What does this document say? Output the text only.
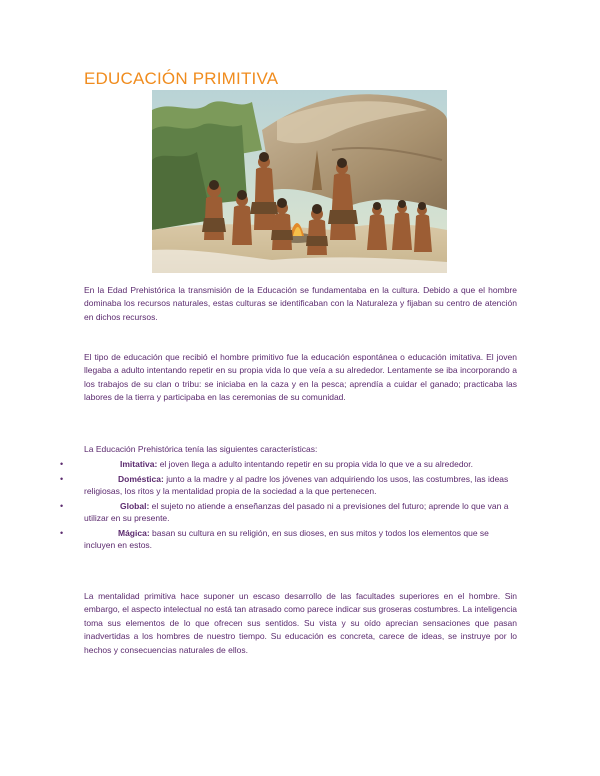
EDUCACIÓN PRIMITIVA
En la Edad Prehistórica la transmisión de la Educación se fundamentaba en la cultura. Debido a que el hombre dominaba los recursos naturales, estas culturas se identificaban con la Naturaleza y fijaban su centro de atención en dichos recursos.
El tipo de educación que recibió el hombre primitivo fue la educación espontánea o educación imitativa. El joven llegaba a adulto intentando repetir en su propia vida lo que veía a su alrededor. Lentamente se iba incorporando a los trabajos de su clan o tribu: se iniciaba en la caza y en la pesca; aprendía a cuidar el ganado; practicaba las labores de la tierra y participaba en las ceremonias de su comunidad.
La Educación Prehistórica tenía las siguientes características:
•	Imitativa: el joven llega a adulto intentando repetir en su propia vida lo que ve a su alrededor.
•	Doméstica: junto a la madre y al padre los jóvenes van adquiriendo los usos, las costumbres, las ideas religiosas, los ritos y la mentalidad propia de la sociedad a la que pertenecen.
•	Global: el sujeto no atiende a enseñanzas del pasado ni a previsiones del futuro; aprende lo que van a utilizar en su presente.
•	Mágica: basan su cultura en su religión, en sus dioses, en sus mitos y todos los elementos que se incluyen en estos.
La mentalidad primitiva hace suponer un escaso desarrollo de las facultades superiores en el hombre. Sin embargo, el aspecto intelectual no está tan atrasado como parece indicar sus groseras costumbres. La inteligencia toma sus elementos de lo que ofrecen sus sentidos. Su vista y su oído aprecian sensaciones que pasan inadvertidas a los hombres de nuestro tiempo. Su educación es concreta, carece de ideas, se instruye por lo hechos y consecuencias naturales de ellos.
